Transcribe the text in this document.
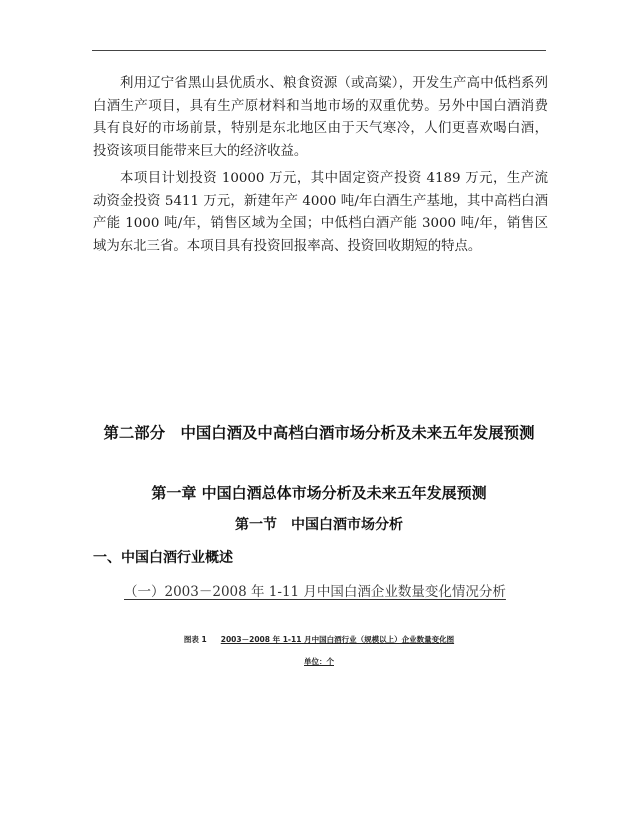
利用辽宁省黑山县优质水、粮食资源（或高粱），开发生产高中低档系列白酒生产项目，具有生产原材料和当地市场的双重优势。另外中国白酒消费具有良好的市场前景，特别是东北地区由于天气寒冷，人们更喜欢喝白酒，投资该项目能带来巨大的经济收益。

本项目计划投资 10000 万元，其中固定资产投资 4189 万元，生产流动资金投资 5411 万元，新建年产 4000 吨/年白酒生产基地，其中高档白酒产能 1000 吨/年，销售区域为全国；中低档白酒产能 3000 吨/年，销售区域为东北三省。本项目具有投资回报率高、投资回收期短的特点。

第二部分　中国白酒及中高档白酒市场分析及未来五年发展预测
第一章 中国白酒总体市场分析及未来五年发展预测
第一节　中国白酒市场分析

一、中国白酒行业概述

（一）2003－2008 年 1-11 月中国白酒企业数量变化情况分析

图表 1 2003－2008 年 1-11 月中国白酒行业（规模以上）企业数量变化图

单位：个
